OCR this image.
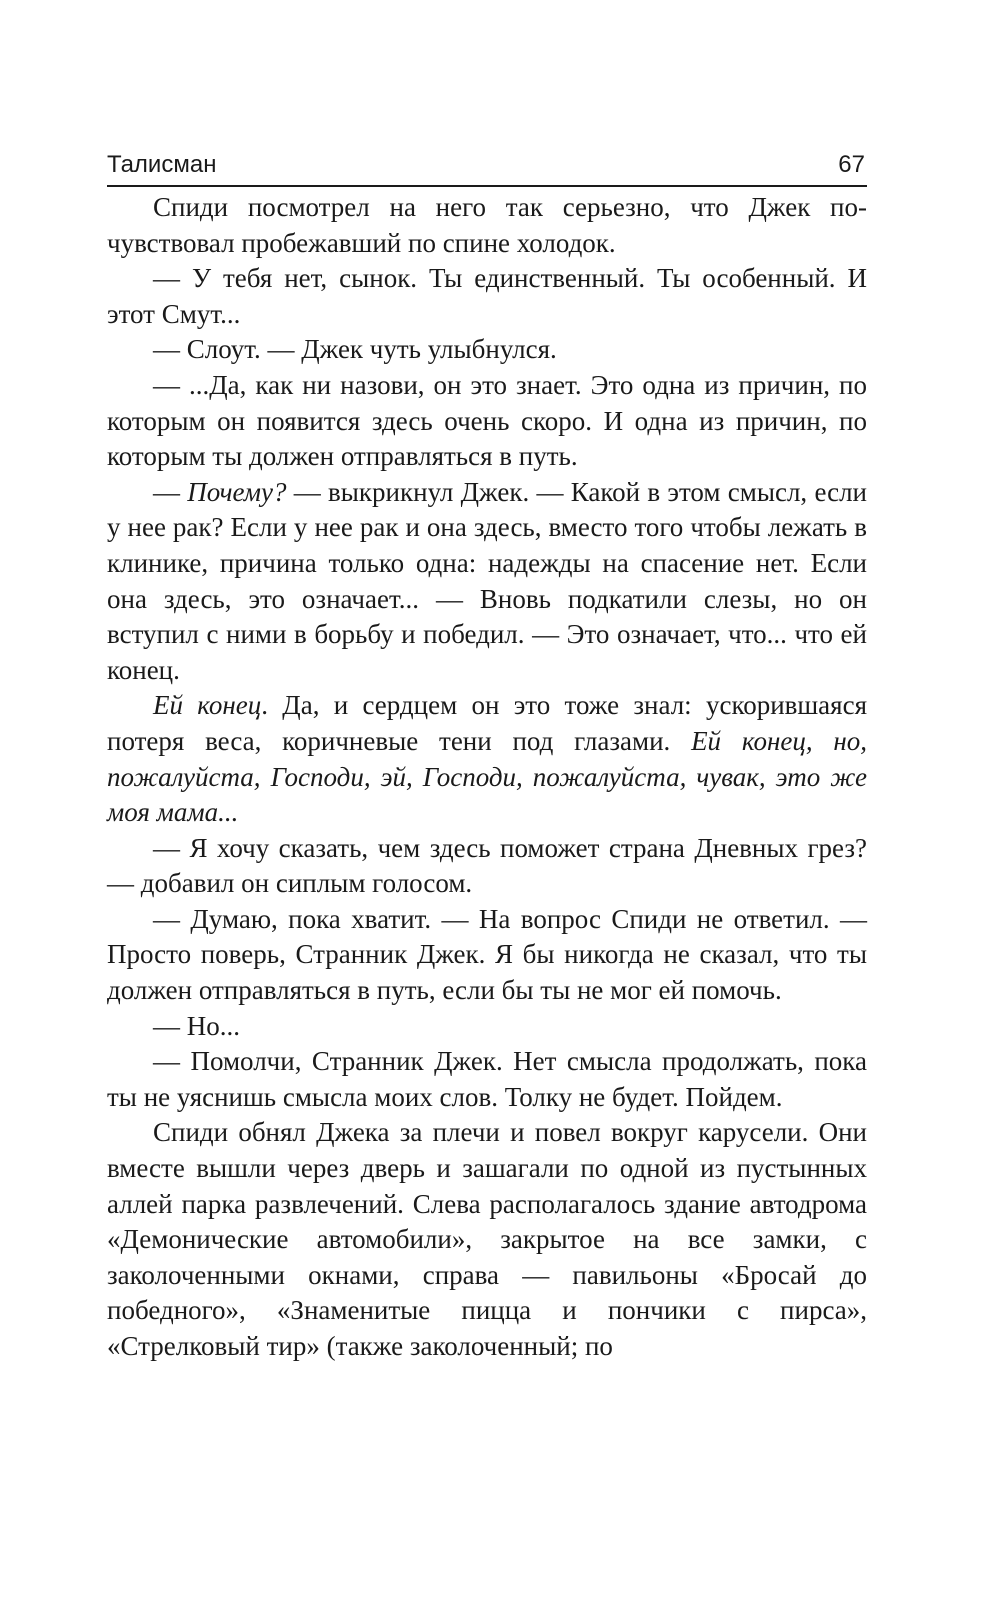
Талисман	67

Спиди посмотрел на него так серьезно, что Джек почувствовал пробежавший по спине холодок.

— У тебя нет, сынок. Ты единственный. Ты особенный. И этот Смут...

— Слоут. — Джек чуть улыбнулся.

— ...Да, как ни назови, он это знает. Это одна из причин, по которым он появится здесь очень скоро. И одна из причин, по которым ты должен отправляться в путь.

— Почему? — выкрикнул Джек. — Какой в этом смысл, если у нее рак? Если у нее рак и она здесь, вместо того чтобы лежать в клинике, причина только одна: надежды на спасение нет. Если она здесь, это означает... — Вновь подкатили слезы, но он вступил с ними в борьбу и победил. — Это означает, что... что ей конец.

Ей конец. Да, и сердцем он это тоже знал: ускорившаяся потеря веса, коричневые тени под глазами. Ей конец, но, пожалуйста, Господи, эй, Господи, пожалуйста, чувак, это же моя мама...

— Я хочу сказать, чем здесь поможет страна Дневных грез? — добавил он сиплым голосом.

— Думаю, пока хватит. — На вопрос Спиди не ответил. — Просто поверь, Странник Джек. Я бы никогда не сказал, что ты должен отправляться в путь, если бы ты не мог ей помочь.

— Но...

— Помолчи, Странник Джек. Нет смысла продолжать, пока ты не уяснишь смысла моих слов. Толку не будет. Пойдем.

Спиди обнял Джека за плечи и повел вокруг карусели. Они вместе вышли через дверь и зашагали по одной из пустынных аллей парка развлечений. Слева располагалось здание автодрома «Демонические автомобили», закрытое на все замки, с заколоченными окнами, справа — павильоны «Бросай до победного», «Знаменитые пицца и пончики с пирса», «Стрелковый тир» (также заколоченный; по
